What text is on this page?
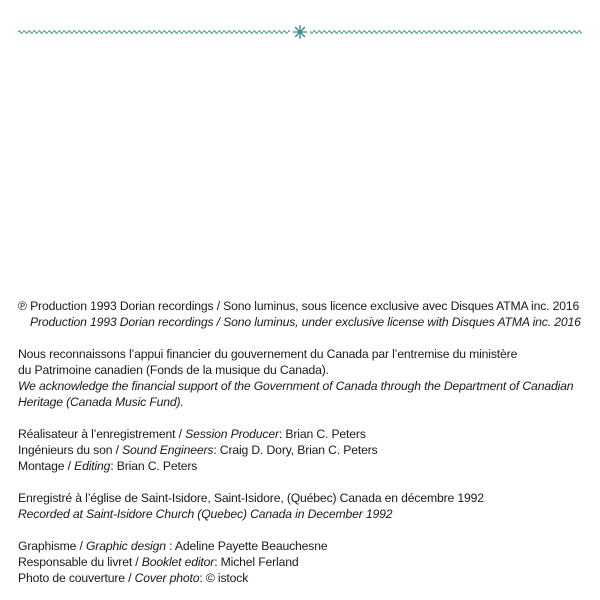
℗ Production 1993 Dorian recordings / Sono luminus, sous licence exclusive avec Disques ATMA inc. 2016

Production 1993 Dorian recordings / Sono luminus, under exclusive license with Disques ATMA inc. 2016

Nous reconnaissons l’appui financier du gouvernement du Canada par l’entremise du ministère

du Patrimoine canadien (Fonds de la musique du Canada).

We acknowledge the financial support of the Government of Canada through the Department of Canadian

Heritage (Canada Music Fund).

Réalisateur à l’enregistrement / Session Producer: Brian C. Peters

Ingénieurs du son / Sound Engineers: Craig D. Dory, Brian C. Peters

Montage / Editing: Brian C. Peters

Enregistré à l’église de Saint-Isidore, Saint-Isidore, (Québec) Canada en décembre 1992

Recorded at Saint-Isidore Church (Quebec) Canada in December 1992

Graphisme / Graphic design : Adeline Payette Beauchesne

Responsable du livret / Booklet editor: Michel Ferland

Photo de couverture / Cover photo: © istock
